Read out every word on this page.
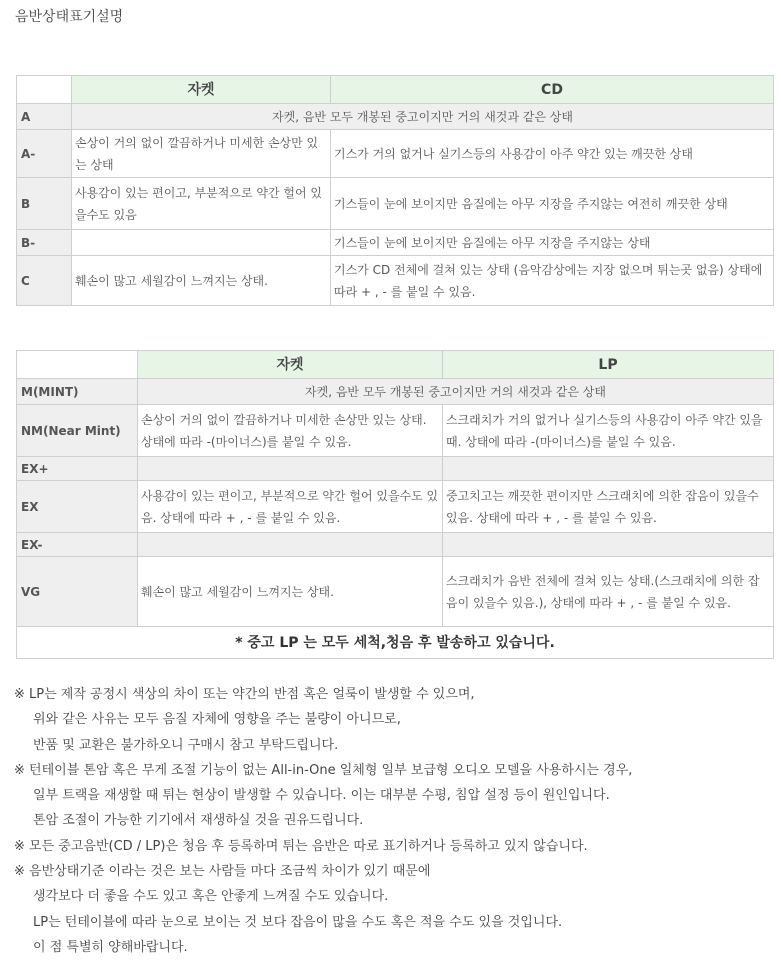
음반상태표기설명
	자켓	CD
A	자켓, 음반 모두 개봉된 중고이지만 거의 새것과 같은 상태	
A-	손상이 거의 없이 깔끔하거나 미세한 손상만 있는 상태	기스가 거의 없거나 실기스등의 사용감이 아주 약간 있는 깨끗한 상태
B	사용감이 있는 편이고, 부분적으로 약간 헐어 있을수도 있음	기스들이 눈에 보이지만 음질에는 아무 지장을 주지않는 여전히 깨끗한 상태
B-		기스들이 눈에 보이지만 음질에는 아무 지장을 주지않는 상태
C	훼손이 많고 세월감이 느껴지는 상태.	기스가 CD 전체에 걸쳐 있는 상태 (음악감상에는 지장 없으며 튀는곳 없음) 상태에 따라 + , - 를 붙일 수 있음.
	자켓	LP
M(MINT)	자켓, 음반 모두 개봉된 중고이지만 거의 새것과 같은 상태	
NM(Near Mint)	손상이 거의 없이 깔끔하거나 미세한 손상만 있는 상태. 상태에 따라 -(마이너스)를 붙일 수 있음.	스크래치가 거의 없거나 실기스등의 사용감이 아주 약간 있을때. 상태에 따라 -(마이너스)를 붙일 수 있음.
EX+		
EX	사용감이 있는 편이고, 부분적으로 약간 헐어 있을수도 있음. 상태에 따라 + , - 를 붙일 수 있음.	중고치고는 깨끗한 편이지만 스크래치에 의한 잡음이 있을수 있음. 상태에 따라 + , - 를 붙일 수 있음.
EX-		
VG	훼손이 많고 세월감이 느껴지는 상태.	스크래치가 음반 전체에 걸쳐 있는 상태.(스크래치에 의한 잡음이 있을수 있음.), 상태에 따라 + , - 를 붙일 수 있음.
* 중고 LP 는 모두 세척,청음 후 발송하고 있습니다.		
※ LP는 제작 공정시 색상의 차이 또는 약간의 반점 혹은 얼룩이 발생할 수 있으며,
위와 같은 사유는 모두 음질 자체에 영향을 주는 불량이 아니므로,
반품 및 교환은 불가하오니 구매시 참고 부탁드립니다.
※ 턴테이블 톤암 혹은 무게 조절 기능이 없는 All-in-One 일체형 일부 보급형 오디오 모델을 사용하시는 경우,
일부 트랙을 재생할 때 튀는 현상이 발생할 수 있습니다. 이는 대부분 수평, 침압 설정 등이 원인입니다.
톤암 조절이 가능한 기기에서 재생하실 것을 권유드립니다.
※ 모든 중고음반(CD / LP)은 청음 후 등록하며 튀는 음반은 따로 표기하거나 등록하고 있지 않습니다.
※ 음반상태기준 이라는 것은 보는 사람들 마다 조금씩 차이가 있기 때문에
생각보다 더 좋을 수도 있고 혹은 안좋게 느껴질 수도 있습니다.
LP는 턴테이블에 따라 눈으로 보이는 것 보다 잡음이 많을 수도 혹은 적을 수도 있을 것입니다.
이 점 특별히 양해바랍니다.
